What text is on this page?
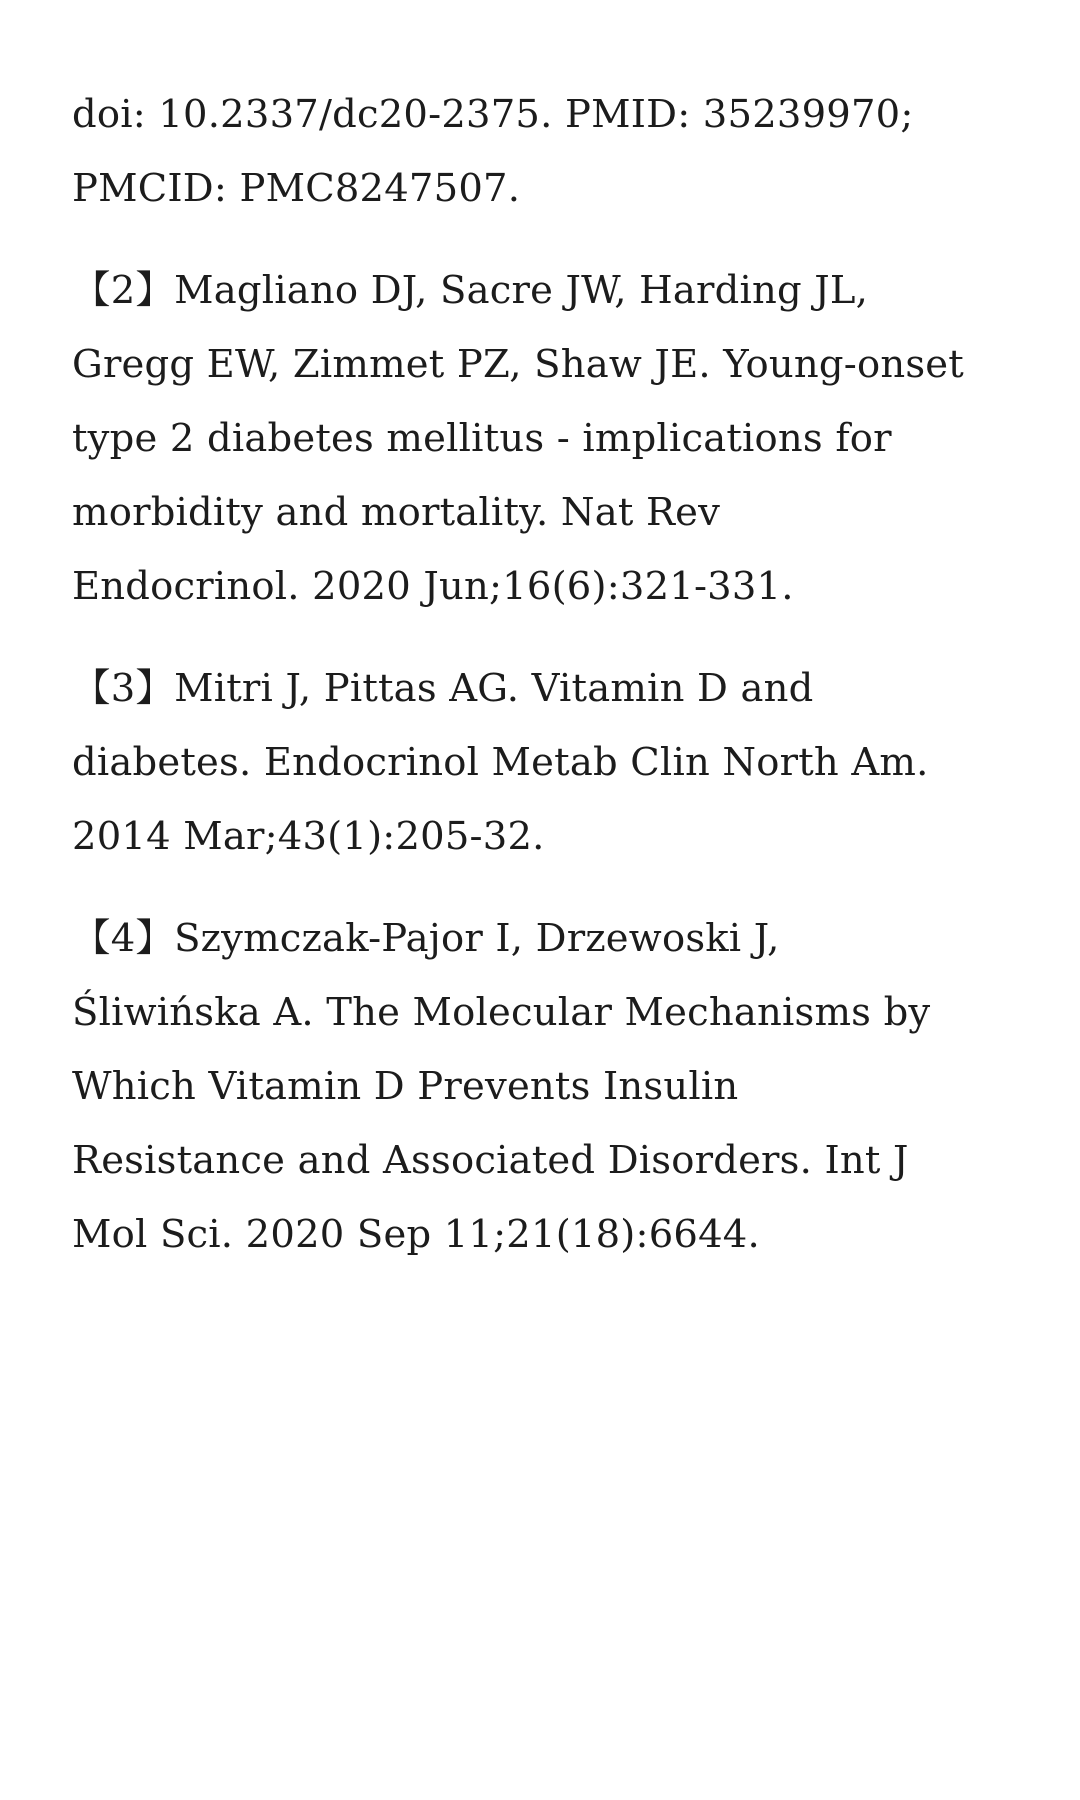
doi: 10.2337/dc20-2375. PMID: 35239970;
PMCID: PMC8247507.
【2】Magliano DJ, Sacre JW, Harding JL,
Gregg EW, Zimmet PZ, Shaw JE. Young-onset
type 2 diabetes mellitus - implications for
morbidity and mortality. Nat Rev
Endocrinol. 2020 Jun;16(6):321-331.
【3】Mitri J, Pittas AG. Vitamin D and
diabetes. Endocrinol Metab Clin North Am.
2014 Mar;43(1):205-32.
【4】Szymczak-Pajor I, Drzewoski J,
Śliwińska A. The Molecular Mechanisms by
Which Vitamin D Prevents Insulin
Resistance and Associated Disorders. Int J
Mol Sci. 2020 Sep 11;21(18):6644.
